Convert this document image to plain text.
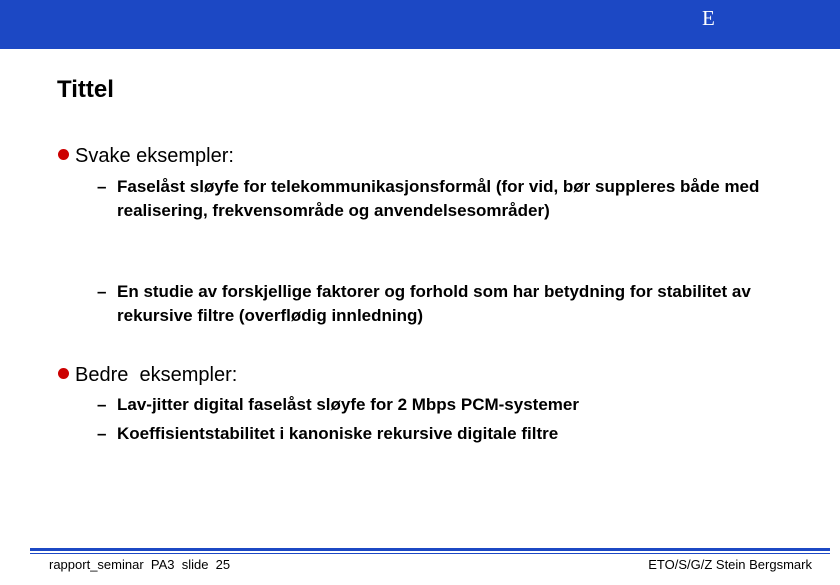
E
Tittel
Svake eksempler:
– Faselåst sløyfe for telekommunikasjonsformål (for vid, bør suppleres både med realisering, frekvensområde og anvendelsesområder)
– En studie av forskjellige faktorer og forhold som har betydning for stabilitet av rekursive filtre (overflødig innledning)
Bedre  eksempler:
– Lav-jitter digital faselåst sløyfe for 2 Mbps PCM-systemer
– Koeffisientstabilitet i kanoniske rekursive digitale filtre
rapport_seminar  PA3  slide  25	ETO/S/G/Z Stein Bergsmark
